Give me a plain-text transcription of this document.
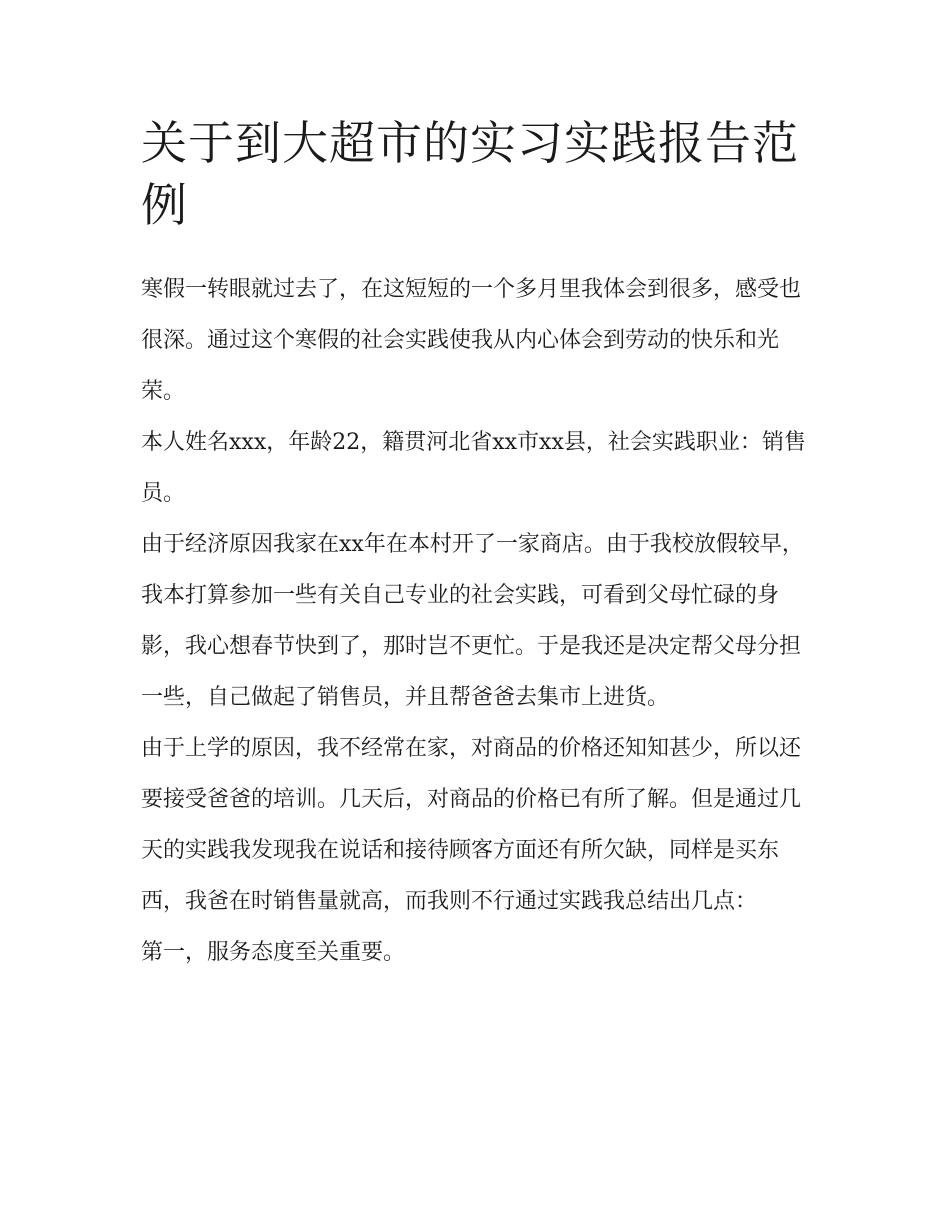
关于到大超市的实习实践报告范例

寒假一转眼就过去了，在这短短的一个多月里我体会到很多，感受也很深。通过这个寒假的社会实践使我从内心体会到劳动的快乐和光荣。

本人姓名xxx，年龄22，籍贯河北省xx市xx县，社会实践职业：销售员。

由于经济原因我家在xx年在本村开了一家商店。由于我校放假较早，我本打算参加一些有关自己专业的社会实践，可看到父母忙碌的身影，我心想春节快到了，那时岂不更忙。于是我还是决定帮父母分担一些，自己做起了销售员，并且帮爸爸去集市上进货。

由于上学的原因，我不经常在家，对商品的价格还知知甚少，所以还要接受爸爸的培训。几天后，对商品的价格已有所了解。但是通过几天的实践我发现我在说话和接待顾客方面还有所欠缺，同样是买东西，我爸在时销售量就高，而我则不行通过实践我总结出几点：

第一，服务态度至关重要。
